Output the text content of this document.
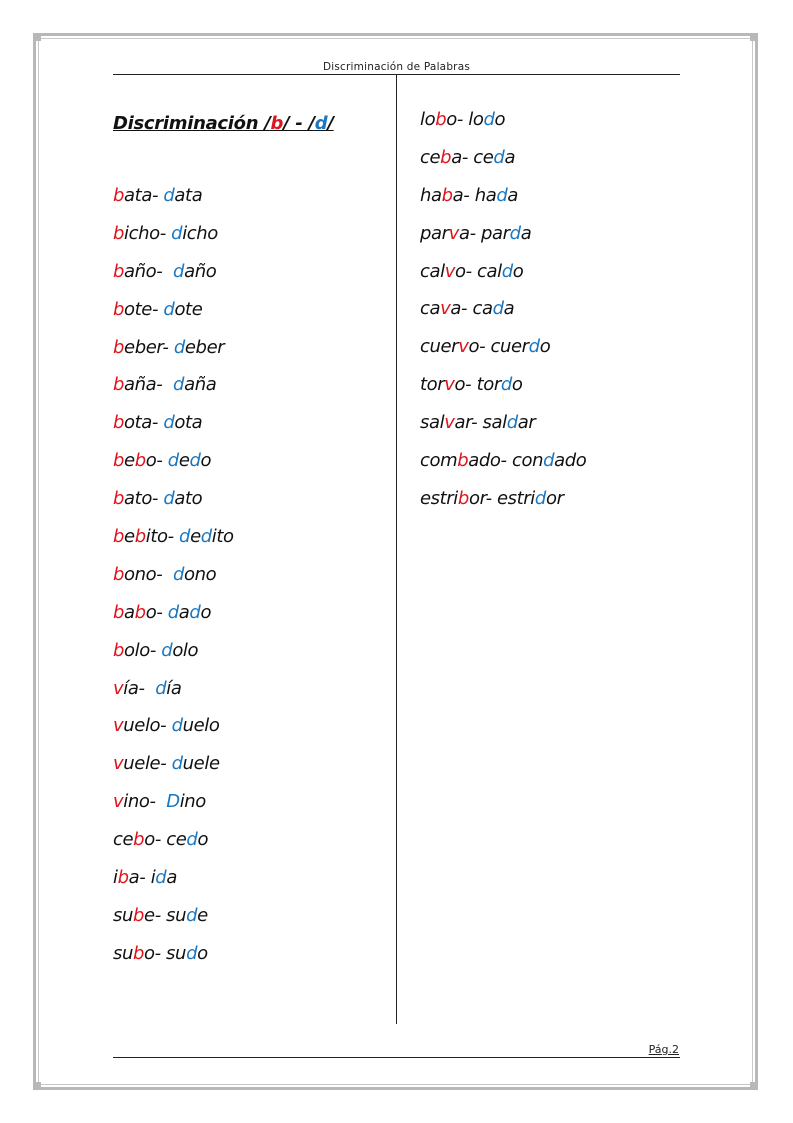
Discriminación de Palabras
Discriminación /b/ - /d/
bata- data
bicho- dicho
baño-  daño
bote- dote
beber- deber
baña-  daña
bota- dota
bebo- dedo
bato- dato
bebito- dedito
bono-  dono
babo- dado
bolo- dolo
vía-  día
vuelo- duelo
vuele- duele
vino-  Dino
cebo- cedo
iba- ida
sube- sude
subo- sudo
lobo- lodo
ceba- ceda
haba- hada
parva- parda
calvo- caldo
cava- cada
cuervo- cuerdo
torvo- tordo
salvar- saldar
combado- condado
estribor- estridor
Pág.2
